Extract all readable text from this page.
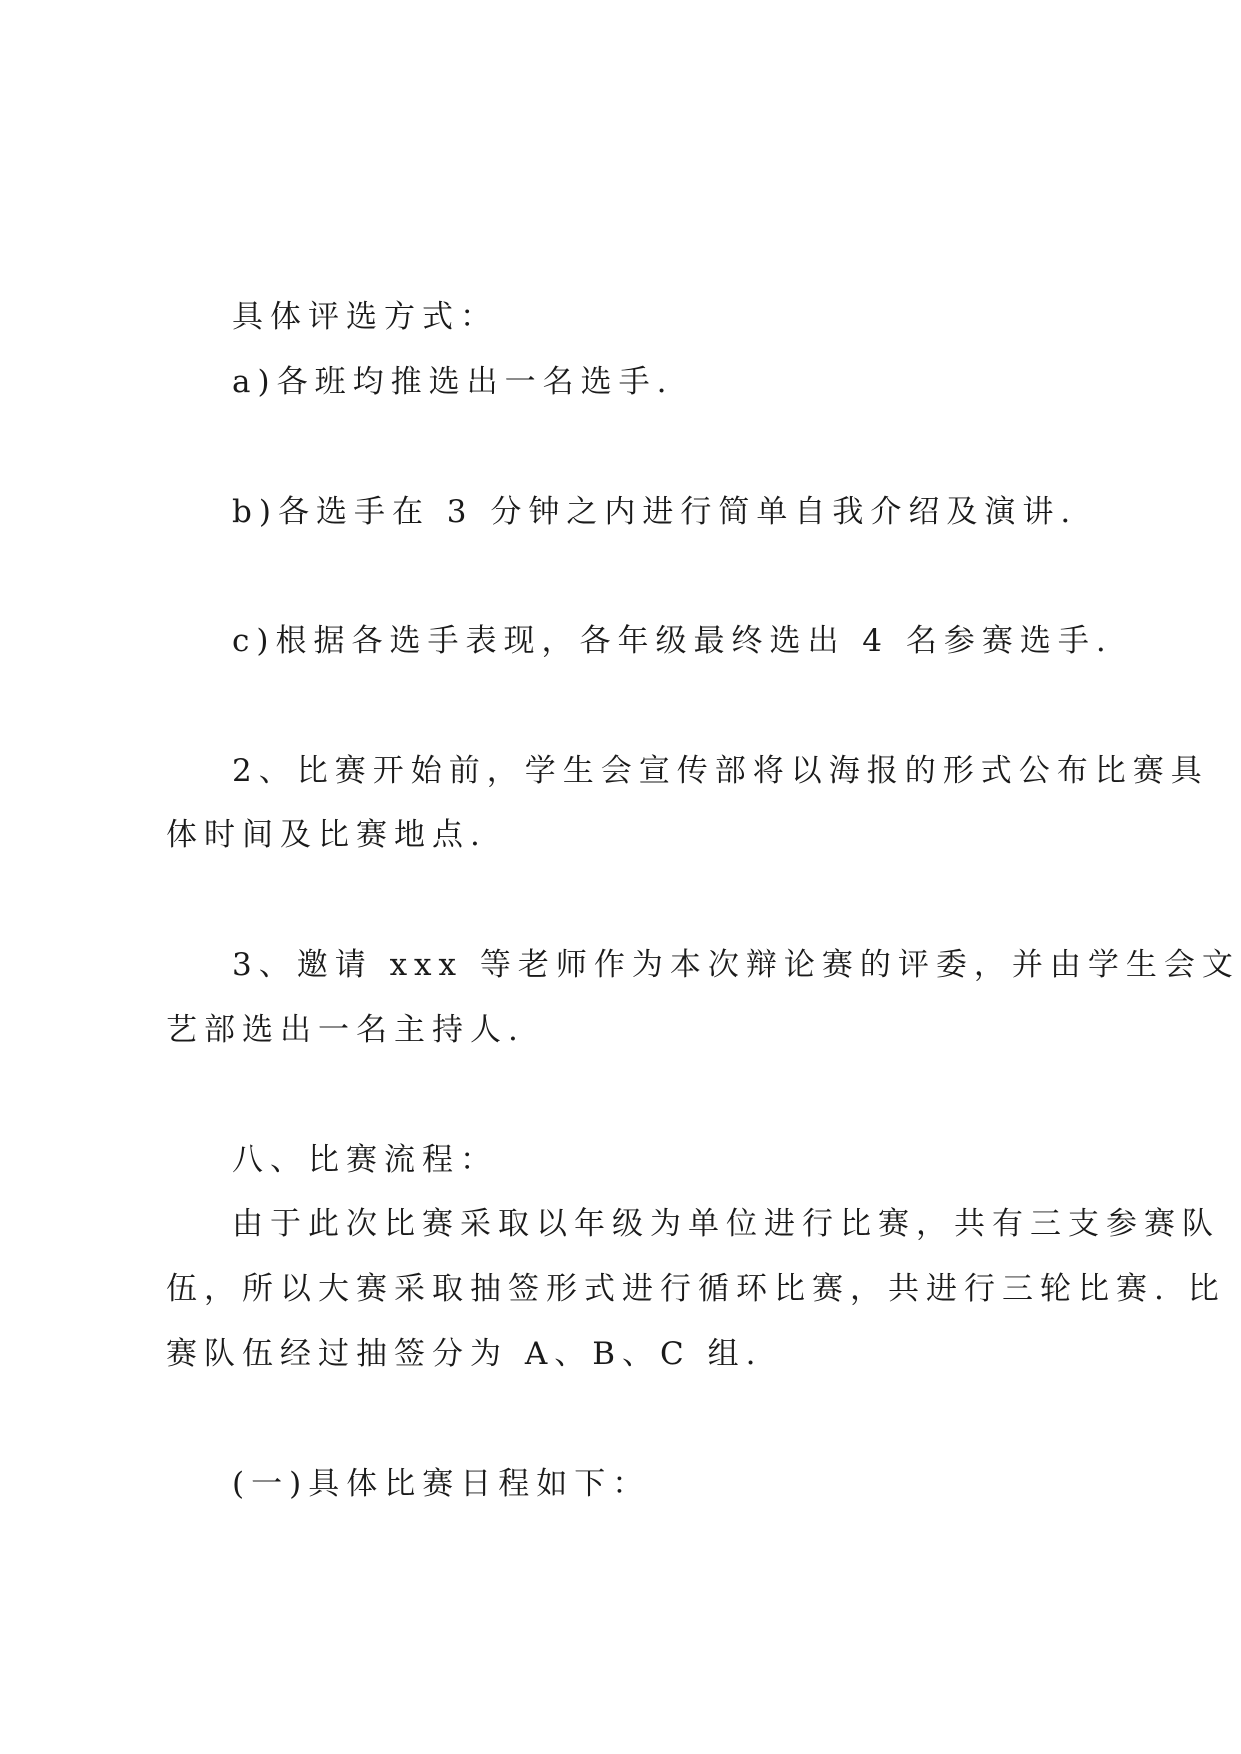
具体评选方式：

a)各班均推选出一名选手.

b)各选手在 3 分钟之内进行简单自我介绍及演讲.

c)根据各选手表现，各年级最终选出 4 名参赛选手.

2、比赛开始前，学生会宣传部将以海报的形式公布比赛具

体时间及比赛地点.

3、邀请 xxx 等老师作为本次辩论赛的评委，并由学生会文

艺部选出一名主持人.

八、比赛流程：

由于此次比赛采取以年级为单位进行比赛，共有三支参赛队

伍，所以大赛采取抽签形式进行循环比赛，共进行三轮比赛. 比

赛队伍经过抽签分为 A、B、C 组.

(一)具体比赛日程如下：
